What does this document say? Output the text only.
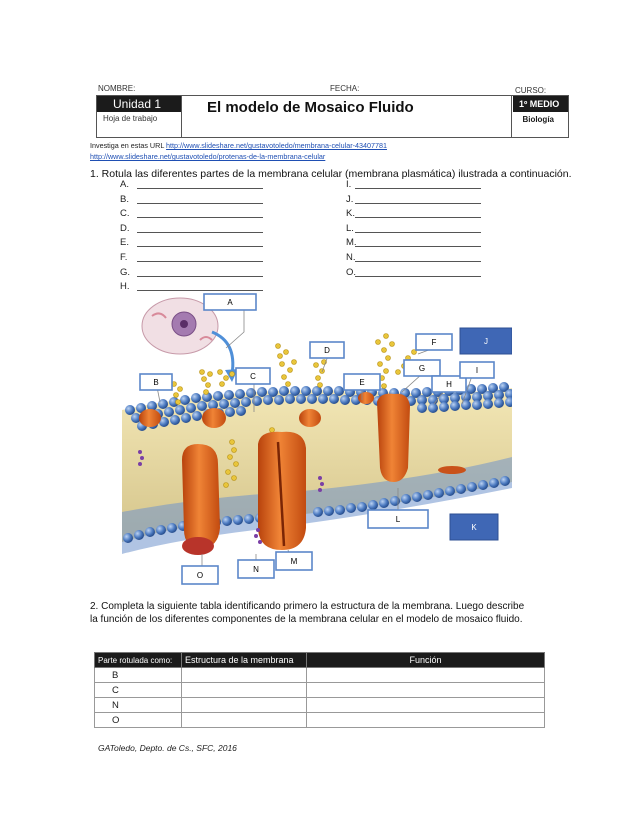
NOMBRE:	FECHA:	CURSO:
Unidad 1
Hoja de trabajo
El modelo de Mosaico Fluido	1º MEDIO
Biología
Investiga en estas URL http://www.slideshare.net/gustavotoledo/membrana-celular-43407781
http://www.slideshare.net/gustavotoledo/protenas-de-la-membrana-celular
1. Rotula las diferentes partes de la membrana celular (membrana plasmática) ilustrada a continuación.
A.
B.
C.
D.
E.
F.
G.
H.
I.
J.
K.
L.
M.
N.
O.
A
B
C
D
E
F
G
H
I
J
K
L
M
N
O
2. Completa la siguiente tabla identificando primero la estructura de la membrana. Luego describe
la función de los diferentes componentes de la membrana celular en el modelo de mosaico fluido.
Parte rotulada como:	Estructura de la membrana	Función
B		
C		
N		
O		
GAToledo, Depto. de Cs., SFC, 2016
